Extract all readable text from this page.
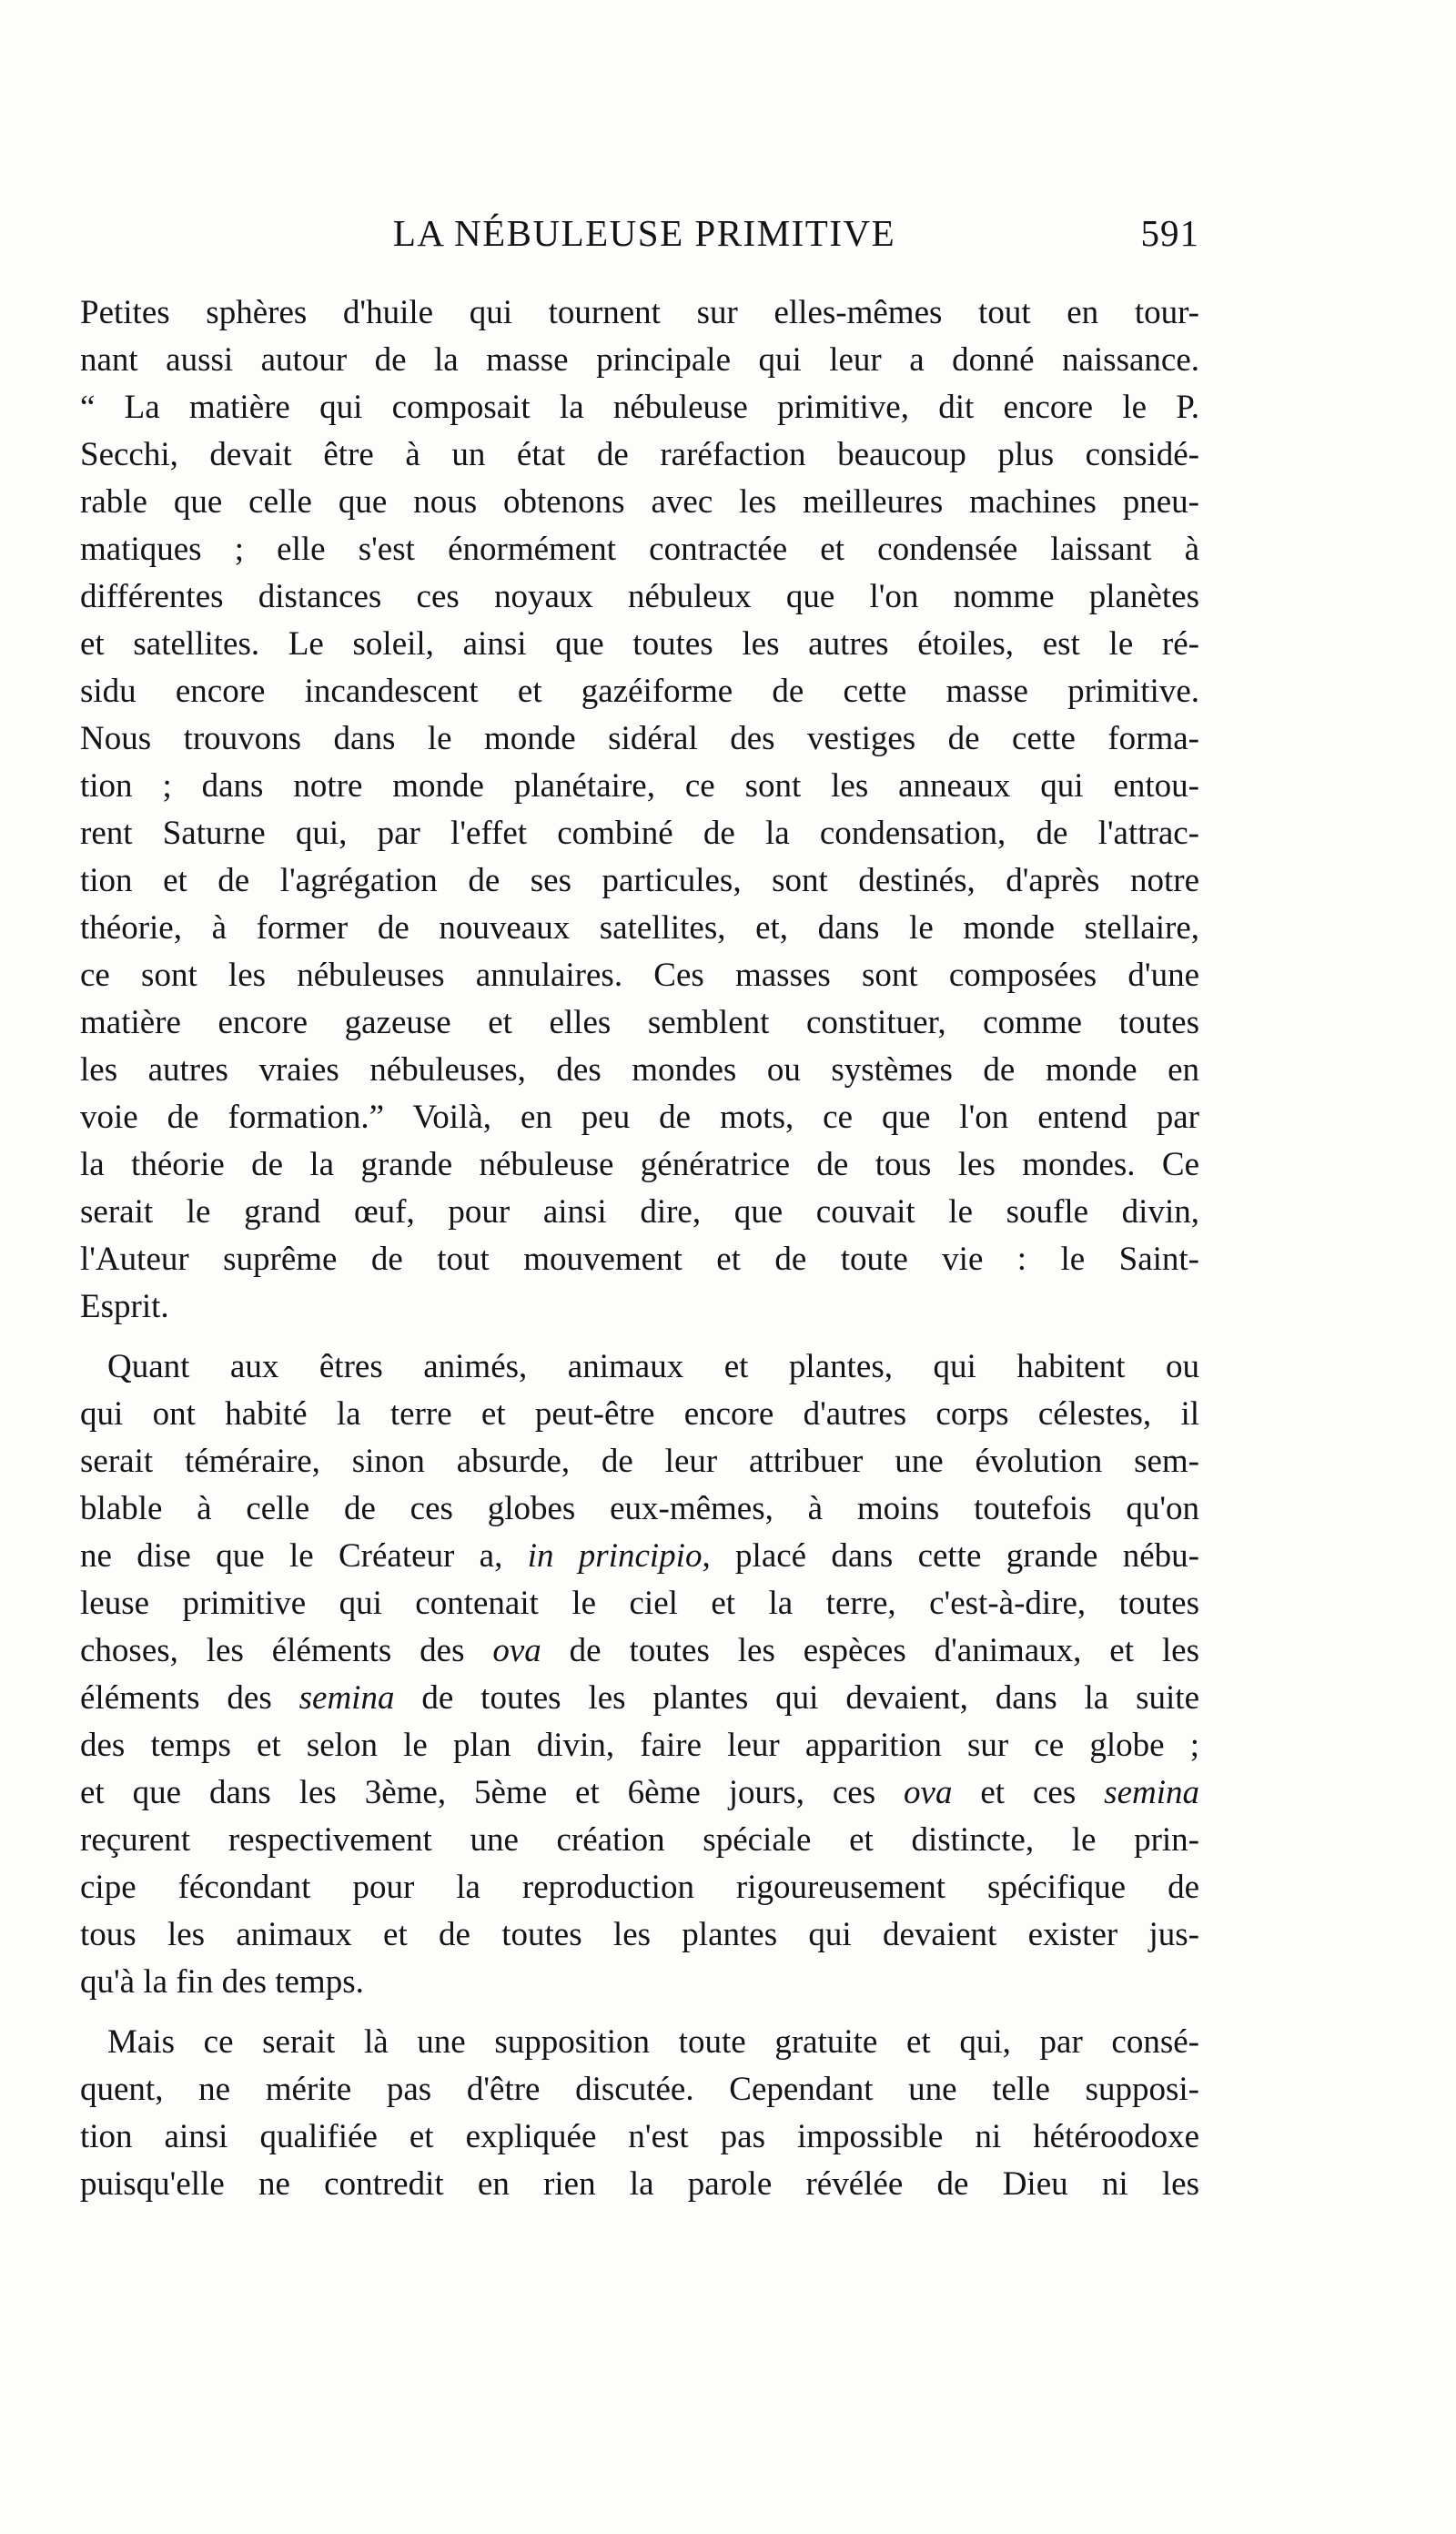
LA NÉBULEUSE PRIMITIVE	591
Petites sphères d'huile qui tournent sur elles-mêmes tout en tour-
nant aussi autour de la masse principale qui leur a donné naissance.
“ La matière qui composait la nébuleuse primitive, dit encore le P.
Secchi, devait être à un état de raréfaction beaucoup plus considé-
rable que celle que nous obtenons avec les meilleures machines pneu-
matiques ; elle s'est énormément contractée et condensée laissant à
différentes distances ces noyaux nébuleux que l'on nomme planètes
et satellites. Le soleil, ainsi que toutes les autres étoiles, est le ré-
sidu encore incandescent et gazéiforme de cette masse primitive.
Nous trouvons dans le monde sidéral des vestiges de cette forma-
tion ; dans notre monde planétaire, ce sont les anneaux qui entou-
rent Saturne qui, par l'effet combiné de la condensation, de l'attrac-
tion et de l'agrégation de ses particules, sont destinés, d'après notre
théorie, à former de nouveaux satellites, et, dans le monde stellaire,
ce sont les nébuleuses annulaires. Ces masses sont composées d'une
matière encore gazeuse et elles semblent constituer, comme toutes
les autres vraies nébuleuses, des mondes ou systèmes de monde en
voie de formation.” Voilà, en peu de mots, ce que l'on entend par
la théorie de la grande nébuleuse génératrice de tous les mondes. Ce
serait le grand œuf, pour ainsi dire, que couvait le soufle divin,
l'Auteur suprême de tout mouvement et de toute vie : le Saint-
Esprit.
Quant aux êtres animés, animaux et plantes, qui habitent ou
qui ont habité la terre et peut-être encore d'autres corps célestes, il
serait téméraire, sinon absurde, de leur attribuer une évolution sem-
blable à celle de ces globes eux-mêmes, à moins toutefois qu'on
ne dise que le Créateur a, in principio, placé dans cette grande nébu-
leuse primitive qui contenait le ciel et la terre, c'est-à-dire, toutes
choses, les éléments des ova de toutes les espèces d'animaux, et les
éléments des semina de toutes les plantes qui devaient, dans la suite
des temps et selon le plan divin, faire leur apparition sur ce globe ;
et que dans les 3ème, 5ème et 6ème jours, ces ova et ces semina
reçurent respectivement une création spéciale et distincte, le prin-
cipe fécondant pour la reproduction rigoureusement spécifique de
tous les animaux et de toutes les plantes qui devaient exister jus-
qu'à la fin des temps.
Mais ce serait là une supposition toute gratuite et qui, par consé-
quent, ne mérite pas d'être discutée. Cependant une telle supposi-
tion ainsi qualifiée et expliquée n'est pas impossible ni hétéroodoxe
puisqu'elle ne contredit en rien la parole révélée de Dieu ni les
